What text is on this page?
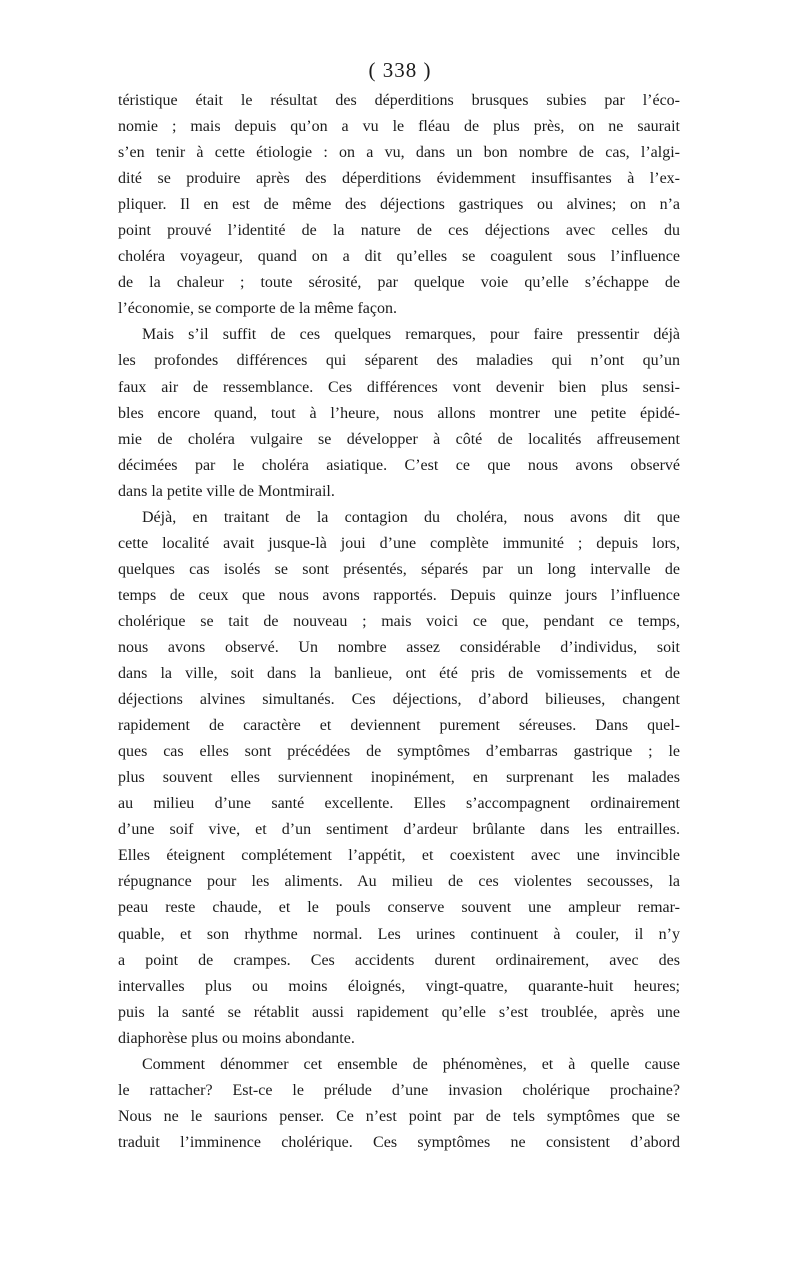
( 338 )
téristique était le résultat des déperditions brusques subies par l’éco-
nomie ; mais depuis qu’on a vu le fléau de plus près, on ne saurait
s’en tenir à cette étiologie : on a vu, dans un bon nombre de cas, l’algi-
dité se produire après des déperditions évidemment insuffisantes à l’ex-
pliquer. Il en est de même des déjections gastriques ou alvines; on n’a
point prouvé l’identité de la nature de ces déjections avec celles du
choléra voyageur, quand on a dit qu’elles se coagulent sous l’influence
de la chaleur ; toute sérosité, par quelque voie qu’elle s’échappe de
l’économie, se comporte de la même façon.
Mais s’il suffit de ces quelques remarques, pour faire pressentir déjà
les profondes différences qui séparent des maladies qui n’ont qu’un
faux air de ressemblance. Ces différences vont devenir bien plus sensi-
bles encore quand, tout à l’heure, nous allons montrer une petite épidé-
mie de choléra vulgaire se développer à côté de localités affreusement
décimées par le choléra asiatique. C’est ce que nous avons observé
dans la petite ville de Montmirail.
Déjà, en traitant de la contagion du choléra, nous avons dit que
cette localité avait jusque-là joui d’une complète immunité ; depuis lors,
quelques cas isolés se sont présentés, séparés par un long intervalle de
temps de ceux que nous avons rapportés. Depuis quinze jours l’influence
cholérique se tait de nouveau ; mais voici ce que, pendant ce temps,
nous avons observé. Un nombre assez considérable d’individus, soit
dans la ville, soit dans la banlieue, ont été pris de vomissements et de
déjections alvines simultanés. Ces déjections, d’abord bilieuses, changent
rapidement de caractère et deviennent purement séreuses. Dans quel-
ques cas elles sont précédées de symptômes d’embarras gastrique ; le
plus souvent elles surviennent inopinément, en surprenant les malades
au milieu d’une santé excellente. Elles s’accompagnent ordinairement
d’une soif vive, et d’un sentiment d’ardeur brûlante dans les entrailles.
Elles éteignent complétement l’appétit, et coexistent avec une invincible
répugnance pour les aliments. Au milieu de ces violentes secousses, la
peau reste chaude, et le pouls conserve souvent une ampleur remar-
quable, et son rhythme normal. Les urines continuent à couler, il n’y
a point de crampes. Ces accidents durent ordinairement, avec des
intervalles plus ou moins éloignés, vingt-quatre, quarante-huit heures;
puis la santé se rétablit aussi rapidement qu’elle s’est troublée, après une
diaphorèse plus ou moins abondante.
Comment dénommer cet ensemble de phénomènes, et à quelle cause
le rattacher? Est-ce le prélude d’une invasion cholérique prochaine?
Nous ne le saurions penser. Ce n’est point par de tels symptômes que se
traduit l’imminence cholérique. Ces symptômes ne consistent d’abord
